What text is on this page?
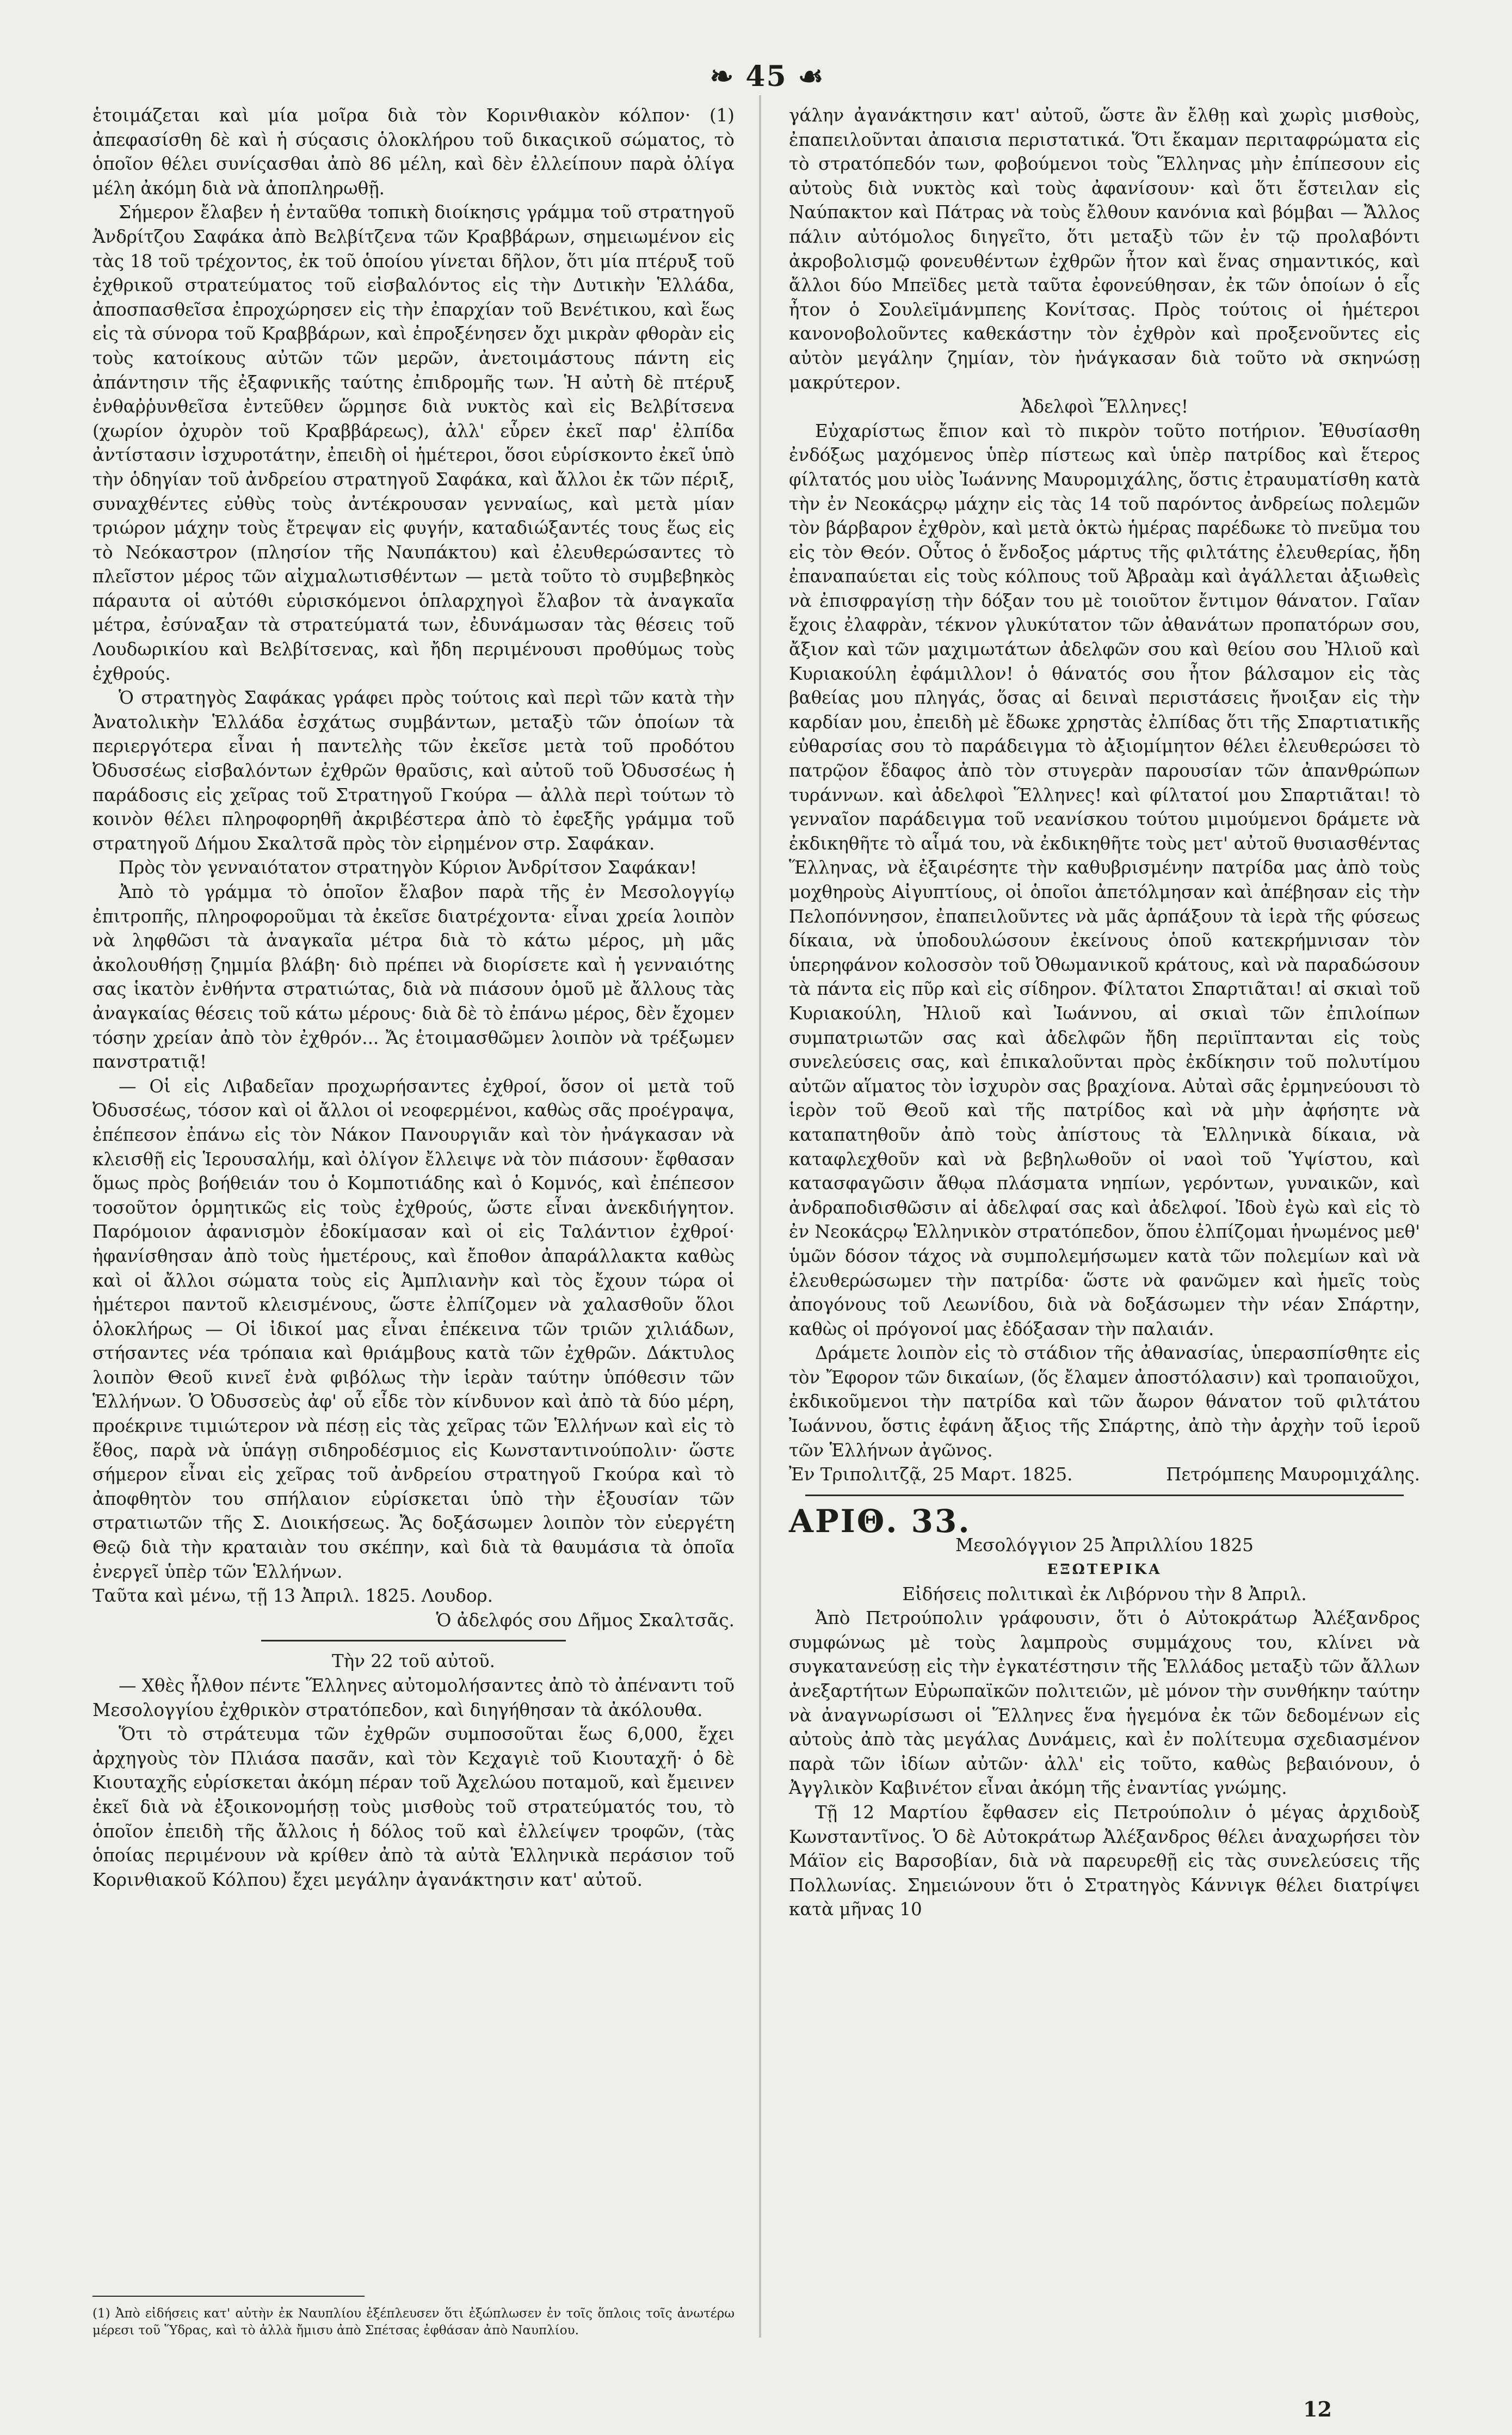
❧ 45 ☙

ἑτοιμάζεται καὶ μία μοῖρα διὰ τὸν Κορινθιακὸν κόλπον· (1) ἀπεφασίσθη δὲ καὶ ἡ σύςασις ὁλοκλήρου τοῦ δικαςικοῦ σώματος, τὸ ὁποῖον θέλει συνίςασθαι ἀπὸ 86 μέλη, καὶ δὲν ἐλλείπουν παρὰ ὀλίγα μέλη ἀκόμη διὰ νὰ ἀποπληρωθῇ.

Σήμερον ἔλαβεν ἡ ἐνταῦθα τοπικὴ διοίκησις γράμμα τοῦ στρατηγοῦ Ἀνδρίτζου Σαφάκα ἀπὸ Βελβίτζενα τῶν Κραββάρων, σημειωμένον εἰς τὰς 18 τοῦ τρέχοντος, ἐκ τοῦ ὁποίου γίνεται δῆλον, ὅτι μία πτέρυξ τοῦ ἐχθρικοῦ στρατεύματος τοῦ εἰσβαλόντος εἰς τὴν Δυτικὴν Ἑλλάδα, ἀποσπασθεῖσα ἐπροχώρησεν εἰς τὴν ἐπαρχίαν τοῦ Βενέτικου, καὶ ἕως εἰς τὰ σύνορα τοῦ Κραββάρων, καὶ ἐπροξένησεν ὄχι μικρὰν φθορὰν εἰς τοὺς κατοίκους αὐτῶν τῶν μερῶν, ἀνετοιμάστους πάντη εἰς ἀπάντησιν τῆς ἐξαφνικῆς ταύτης ἐπιδρομῆς των. Ἡ αὐτὴ δὲ πτέρυξ ἐνθαῤῥυνθεῖσα ἐντεῦθεν ὥρμησε διὰ νυκτὸς καὶ εἰς Βελβίτσενα (χωρίον ὀχυρὸν τοῦ Κραββάρεως), ἀλλ' εὗρεν ἐκεῖ παρ' ἐλπίδα ἀντίστασιν ἰσχυροτάτην, ἐπειδὴ οἱ ἡμέτεροι, ὅσοι εὑρίσκοντο ἐκεῖ ὑπὸ τὴν ὁδηγίαν τοῦ ἀνδρείου στρατηγοῦ Σαφάκα, καὶ ἄλλοι ἐκ τῶν πέριξ, συναχθέντες εὐθὺς τοὺς ἀντέκρουσαν γενναίως, καὶ μετὰ μίαν τριώρον μάχην τοὺς ἔτρεψαν εἰς φυγήν, καταδιώξαντές τους ἕως εἰς τὸ Νεόκαστρον (πλησίον τῆς Ναυπάκτου) καὶ ἐλευθερώσαντες τὸ πλεῖστον μέρος τῶν αἰχμαλωτισθέντων — μετὰ τοῦτο τὸ συμβεβηκὸς πάραυτα οἱ αὐτόθι εὑρισκόμενοι ὁπλαρχηγοὶ ἔλαβον τὰ ἀναγκαῖα μέτρα, ἐσύναξαν τὰ στρατεύματά των, ἐδυνάμωσαν τὰς θέσεις τοῦ Λουδωρικίου καὶ Βελβίτσενας, καὶ ἤδη περιμένουσι προθύμως τοὺς ἐχθρούς.

Ὁ στρατηγὸς Σαφάκας γράφει πρὸς τούτοις καὶ περὶ τῶν κατὰ τὴν Ἀνατολικὴν Ἑλλάδα ἐσχάτως συμβάντων, μεταξὺ τῶν ὁποίων τὰ περιεργότερα εἶναι ἡ παντελὴς τῶν ἐκεῖσε μετὰ τοῦ προδότου Ὀδυσσέως εἰσβαλόντων ἐχθρῶν θραῦσις, καὶ αὐτοῦ τοῦ Ὀδυσσέως ἡ παράδοσις εἰς χεῖρας τοῦ Στρατηγοῦ Γκούρα — ἀλλὰ περὶ τούτων τὸ κοινὸν θέλει πληροφορηθῆ ἀκριβέστερα ἀπὸ τὸ ἐφεξῆς γράμμα τοῦ στρατηγοῦ Δήμου Σκαλτσᾶ πρὸς τὸν εἰρημένον στρ. Σαφάκαν.

Πρὸς τὸν γενναιότατον στρατηγὸν Κύριον Ἀνδρίτσον Σαφάκαν!

Ἀπὸ τὸ γράμμα τὸ ὁποῖον ἔλαβον παρὰ τῆς ἐν Μεσολογγίῳ ἐπιτροπῆς, πληροφοροῦμαι τὰ ἐκεῖσε διατρέχοντα· εἶναι χρεία λοιπὸν νὰ ληφθῶσι τὰ ἀναγκαῖα μέτρα διὰ τὸ κάτω μέρος, μὴ μᾶς ἀκολουθήσῃ ζημμία βλάβη· διὸ πρέπει νὰ διορίσετε καὶ ἡ γενναιότης σας ἱκατὸν ἐνθήντα στρατιώτας, διὰ νὰ πιάσουν ὁμοῦ μὲ ἄλλους τὰς ἀναγκαίας θέσεις τοῦ κάτω μέρους· διὰ δὲ τὸ ἐπάνω μέρος, δὲν ἔχομεν τόσην χρείαν ἀπὸ τὸν ἐχθρόν... Ἄς ἑτοιμασθῶμεν λοιπὸν νὰ τρέξωμεν πανστρατιᾷ!

— Οἱ εἰς Λιβαδεῖαν προχωρήσαντες ἐχθροί, ὅσον οἱ μετὰ τοῦ Ὀδυσσέως, τόσον καὶ οἱ ἄλλοι οἱ νεοφερμένοι, καθὼς σᾶς προέγραψα, ἐπέπεσον ἐπάνω εἰς τὸν Νάκον Πανουργιᾶν καὶ τὸν ἠνάγκασαν νὰ κλεισθῇ εἰς Ἱερουσαλήμ, καὶ ὀλίγον ἔλλειψε νὰ τὸν πιάσουν· ἔφθασαν ὅμως πρὸς βοήθειάν του ὁ Κομποτιάδης καὶ ὁ Κομνός, καὶ ἐπέπεσον τοσοῦτον ὁρμητικῶς εἰς τοὺς ἐχθρούς, ὥστε εἶναι ἀνεκδιήγητον. Παρόμοιον ἀφανισμὸν ἐδοκίμασαν καὶ οἱ εἰς Ταλάντιον ἐχθροί· ἠφανίσθησαν ἀπὸ τοὺς ἡμετέρους, καὶ ἔποθον ἀπαράλλακτα καθὼς καὶ οἱ ἄλλοι σώματα τοὺς εἰς Ἀμπλιανὴν καὶ τὸς ἔχουν τώρα οἱ ἡμέτεροι παντοῦ κλεισμένους, ὥστε ἐλπίζομεν νὰ χαλασθοῦν ὅλοι ὁλοκλήρως — Οἱ ἰδικοί μας εἶναι ἐπέκεινα τῶν τριῶν χιλιάδων, στήσαντες νέα τρόπαια καὶ θριάμβους κατὰ τῶν ἐχθρῶν. Δάκτυλος λοιπὸν Θεοῦ κινεῖ ἐνὰ φιβόλως τὴν ἱερὰν ταύτην ὑπόθεσιν τῶν Ἑλλήνων. Ὁ Ὀδυσσεὺς ἀφ' οὗ εἶδε τὸν κίνδυνον καὶ ἀπὸ τὰ δύο μέρη, προέκρινε τιμιώτερον νὰ πέσῃ εἰς τὰς χεῖρας τῶν Ἑλλήνων καὶ εἰς τὸ ἔθος, παρὰ νὰ ὑπάγῃ σιδηροδέσμιος εἰς Κωνσταντινούπολιν· ὥστε σήμερον εἶναι εἰς χεῖρας τοῦ ἀνδρείου στρατηγοῦ Γκούρα καὶ τὸ ἀποφθητὸν του σπήλαιον εὑρίσκεται ὑπὸ τὴν ἐξουσίαν τῶν στρατιωτῶν τῆς Σ. Διοικήσεως. Ἄς δοξάσωμεν λοιπὸν τὸν εὐεργέτη Θεῷ διὰ τὴν κραταιὰν του σκέπην, καὶ διὰ τὰ θαυμάσια τὰ ὁποῖα ἐνεργεῖ ὑπὲρ τῶν Ἑλλήνων.

Ταῦτα καὶ μένω, τῇ 13 Ἀπριλ. 1825. Λουδορ.

Ὁ ἀδελφός σου Δῆμος Σκαλτσᾶς.

Τὴν 22 τοῦ αὐτοῦ.

— Χθὲς ἦλθον πέντε Ἕλληνες αὐτομολήσαντες ἀπὸ τὸ ἀπέναντι τοῦ Μεσολογγίου ἐχθρικὸν στρατόπεδον, καὶ διηγήθησαν τὰ ἀκόλουθα.

Ὅτι τὸ στράτευμα τῶν ἐχθρῶν συμποσοῦται ἕως 6,000, ἔχει ἀρχηγοὺς τὸν Πλιάσα πασᾶν, καὶ τὸν Κεχαγιὲ τοῦ Κιουταχῆ· ὁ δὲ Κιουταχῆς εὑρίσκεται ἀκόμη πέραν τοῦ Ἀχελώου ποταμοῦ, καὶ ἔμεινεν ἐκεῖ διὰ νὰ ἐξοικονομήσῃ τοὺς μισθοὺς τοῦ στρατεύματός του, τὸ ὁποῖον ἐπειδὴ τῆς ἄλλοις ἡ δόλος τοῦ καὶ ἐλλείψεν τροφῶν, (τὰς ὁποίας περιμένουν νὰ κρίθεν ἀπὸ τὰ αὐτὰ Ἑλληνικὰ περάσιον τοῦ Κορινθιακοῦ Κόλπου) ἔχει μεγάλην ἀγανάκτησιν κατ' αὐτοῦ.

γάλην ἀγανάκτησιν κατ' αὐτοῦ, ὥστε ἂν ἔλθῃ καὶ χωρὶς μισθοὺς, ἐπαπειλοῦνται ἀπαισια περιστατικά. Ὅτι ἔκαμαν περιταφρώματα εἰς τὸ στρατόπεδόν των, φοβούμενοι τοὺς Ἕλληνας μὴν ἐπίπεσουν εἰς αὐτοὺς διὰ νυκτὸς καὶ τοὺς ἀφανίσουν· καὶ ὅτι ἔστειλαν εἰς Ναύπακτον καὶ Πάτρας νὰ τοὺς ἔλθουν κανόνια καὶ βόμβαι — Ἄλλος πάλιν αὐτόμολος διηγεῖτο, ὅτι μεταξὺ τῶν ἐν τῷ προλαβόντι ἀκροβολισμῷ φονευθέντων ἐχθρῶν ἦτον καὶ ἕνας σημαντικός, καὶ ἄλλοι δύο Μπεϊδες μετὰ ταῦτα ἐφονεύθησαν, ἐκ τῶν ὁποίων ὁ εἷς ἦτον ὁ Σουλεϊμάνμπεης Κονίτσας. Πρὸς τούτοις οἱ ἡμέτεροι κανονοβολοῦντες καθεκάστην τὸν ἐχθρὸν καὶ προξενοῦντες εἰς αὐτὸν μεγάλην ζημίαν, τὸν ἠνάγκασαν διὰ τοῦτο νὰ σκηνώσῃ μακρύτερον.

Ἀδελφοὶ Ἕλληνες!

Εὐχαρίστως ἔπιον καὶ τὸ πικρὸν τοῦτο ποτήριον. Ἐθυσίασθη ἐνδόξως μαχόμενος ὑπὲρ πίστεως καὶ ὑπὲρ πατρίδος καὶ ἕτερος φίλτατός μου υἱὸς Ἰωάννης Μαυρομιχάλης, ὅστις ἐτραυματίσθη κατὰ τὴν ἐν Νεοκάςρῳ μάχην εἰς τὰς 14 τοῦ παρόντος ἀνδρείως πολεμῶν τὸν βάρβαρον ἐχθρὸν, καὶ μετὰ ὀκτὼ ἡμέρας παρέδωκε τὸ πνεῦμα του εἰς τὸν Θεόν. Οὗτος ὁ ἔνδοξος μάρτυς τῆς φιλτάτης ἐλευθερίας, ἤδη ἐπαναπαύεται εἰς τοὺς κόλπους τοῦ Ἀβραὰμ καὶ ἀγάλλεται ἀξιωθεὶς νὰ ἐπισφραγίσῃ τὴν δόξαν του μὲ τοιοῦτον ἔντιμον θάνατον. Γαῖαν ἔχοις ἐλαφρὰν, τέκνον γλυκύτατον τῶν ἀθανάτων προπατόρων σου, ἄξιον καὶ τῶν μαχιμωτάτων ἀδελφῶν σου καὶ θείου σου Ἠλιοῦ καὶ Κυριακούλη ἐφάμιλλον! ὁ θάνατός σου ἦτον βάλσαμον εἰς τὰς βαθείας μου πληγάς, ὅσας αἱ δειναὶ περιστάσεις ἤνοιξαν εἰς τὴν καρδίαν μου, ἐπειδὴ μὲ ἔδωκε χρηστὰς ἐλπίδας ὅτι τῆς Σπαρτιατικῆς εὐθαρσίας σου τὸ παράδειγμα τὸ ἀξιομίμητον θέλει ἐλευθερώσει τὸ πατρῷον ἔδαφος ἀπὸ τὸν στυγερὰν παρουσίαν τῶν ἀπανθρώπων τυράννων. καὶ ἀδελφοὶ Ἕλληνες! καὶ φίλτατοί μου Σπαρτιᾶται! τὸ γενναῖον παράδειγμα τοῦ νεανίσκου τούτου μιμούμενοι δράμετε νὰ ἐκδικηθῆτε τὸ αἷμά του, νὰ ἐκδικηθῆτε τοὺς μετ' αὐτοῦ θυσιασθέντας Ἕλληνας, νὰ ἐξαιρέσητε τὴν καθυβρισμένην πατρίδα μας ἀπὸ τοὺς μοχθηροὺς Αἰγυπτίους, οἱ ὁποῖοι ἀπετόλμησαν καὶ ἀπέβησαν εἰς τὴν Πελοπόννησον, ἐπαπειλοῦντες νὰ μᾶς ἁρπάξουν τὰ ἱερὰ τῆς φύσεως δίκαια, νὰ ὑποδουλώσουν ἐκείνους ὁποῦ κατεκρήμνισαν τὸν ὑπερηφάνον κολοσσὸν τοῦ Ὀθωμανικοῦ κράτους, καὶ νὰ παραδώσουν τὰ πάντα εἰς πῦρ καὶ εἰς σίδηρον. Φίλτατοι Σπαρτιᾶται! αἱ σκιαὶ τοῦ Κυριακούλη, Ἠλιοῦ καὶ Ἰωάννου, αἱ σκιαὶ τῶν ἐπιλοίπων συμπατριωτῶν σας καὶ ἀδελφῶν ἤδη περιϊπτανται εἰς τοὺς συνελεύσεις σας, καὶ ἐπικαλοῦνται πρὸς ἐκδίκησιν τοῦ πολυτίμου αὐτῶν αἵματος τὸν ἰσχυρὸν σας βραχίονα. Αὐταὶ σᾶς ἐρμηνεύουσι τὸ ἱερὸν τοῦ Θεοῦ καὶ τῆς πατρίδος καὶ νὰ μὴν ἀφήσητε νὰ καταπατηθοῦν ἀπὸ τοὺς ἀπίστους τὰ Ἑλληνικὰ δίκαια, νὰ καταφλεχθοῦν καὶ νὰ βεβηλωθοῦν οἱ ναοὶ τοῦ Ὑψίστου, καὶ κατασφαγῶσιν ἄθῳα πλάσματα νηπίων, γερόντων, γυναικῶν, καὶ ἀνδραποδισθῶσιν αἱ ἀδελφαί σας καὶ ἀδελφοί. Ἰδοὺ ἐγὼ καὶ εἰς τὸ ἐν Νεοκάςρῳ Ἑλληνικὸν στρατόπεδον, ὅπου ἐλπίζομαι ἡνωμένος μεθ' ὑμῶν δόσον τάχος νὰ συμπολεμήσωμεν κατὰ τῶν πολεμίων καὶ νὰ ἐλευθερώσωμεν τὴν πατρίδα· ὥστε νὰ φανῶμεν καὶ ἡμεῖς τοὺς ἀπογόνους τοῦ Λεωνίδου, διὰ νὰ δοξάσωμεν τὴν νέαν Σπάρτην, καθὼς οἱ πρόγονοί μας ἐδόξασαν τὴν παλαιάν.

Δράμετε λοιπὸν εἰς τὸ στάδιον τῆς ἀθανασίας, ὑπερασπίσθητε εἰς τὸν Ἔφορον τῶν δικαίων, (ὅς ἔλαμεν ἀποστόλασιν) καὶ τροπαιοῦχοι, ἐκδικοῦμενοι τὴν πατρίδα καὶ τῶν ἄωρον θάνατον τοῦ φιλτάτου Ἰωάννου, ὅστις ἐφάνη ἄξιος τῆς Σπάρτης, ἀπὸ τὴν ἀρχὴν τοῦ ἱεροῦ τῶν Ἑλλήνων ἀγῶνος.

Ἐν Τριπολιτζᾷ, 25 Μαρτ. 1825.	Πετρόμπεης Μαυρομιχάλης.

ΑΡΙΘ. 33.

Μεσολόγγιον 25 Ἀπριλλίου 1825

ΕΞΩΤΕΡΙΚΑ

Εἰδήσεις πολιτικαὶ ἐκ Λιβόρνου τὴν 8 Ἀπριλ.

Ἀπὸ Πετρούπολιν γράφουσιν, ὅτι ὁ Αὐτοκράτωρ Ἀλέξανδρος συμφώνως μὲ τοὺς λαμπροὺς συμμάχους του, κλίνει νὰ συγκατανεύσῃ εἰς τὴν ἐγκατέστησιν τῆς Ἑλλάδος μεταξὺ τῶν ἄλλων ἀνεξαρτήτων Εὐρωπαϊκῶν πολιτειῶν, μὲ μόνον τὴν συνθήκην ταύτην νὰ ἀναγνωρίσωσι οἱ Ἕλληνες ἕνα ἡγεμόνα ἐκ τῶν δεδομένων εἰς αὐτοὺς ἀπὸ τὰς μεγάλας Δυνάμεις, καὶ ἐν πολίτευμα σχεδιασμένον παρὰ τῶν ἰδίων αὐτῶν· ἀλλ' εἰς τοῦτο, καθὼς βεβαιόνουν, ὁ Ἀγγλικὸν Καβινέτον εἶναι ἀκόμη τῆς ἐναντίας γνώμης.

Τῇ 12 Μαρτίου ἔφθασεν εἰς Πετρούπολιν ὁ μέγας ἀρχιδοὺξ Κωνσταντῖνος. Ὁ δὲ Αὐτοκράτωρ Ἀλέξανδρος θέλει ἀναχωρήσει τὸν Μάϊον εἰς Βαρσοβίαν, διὰ νὰ παρευρεθῇ εἰς τὰς συνελεύσεις τῆς Πολλωνίας. Σημειώνουν ὅτι ὁ Στρατηγὸς Κάννιγκ θέλει διατρίψει κατὰ μῆνας 10

(1) Ἀπὸ εἰδήσεις κατ' αὐτὴν ἐκ Ναυπλίου ἐξέπλευσεν ὅτι ἐξώπλωσεν ἐν τοῖς ὅπλοις τοῖς ἀνωτέρω μέρεσι τοῦ Ὕδρας, καὶ τὸ ἀλλὰ ἤμισυ ἀπὸ Σπέτσας ἐφθάσαν ἀπὸ Ναυπλίου.
12
